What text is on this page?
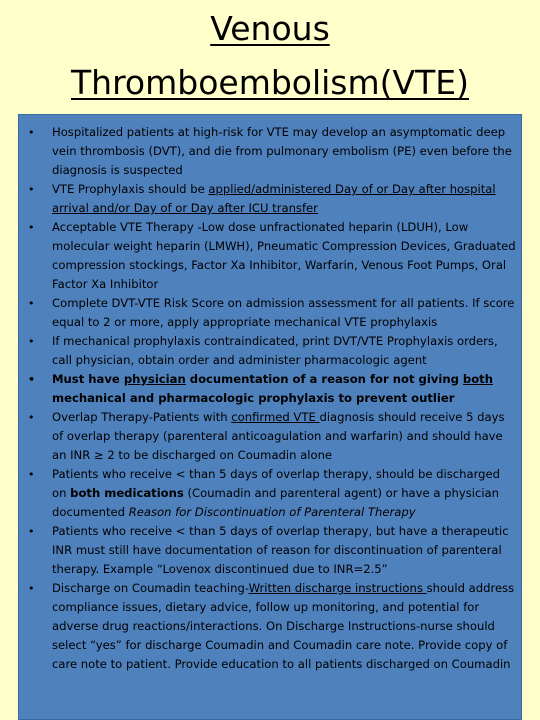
Venous
Thromboembolism(VTE)
• Hospitalized patients at high-risk for VTE may develop an asymptomatic deep vein thrombosis (DVT), and die from pulmonary embolism (PE) even before the diagnosis is suspected
• VTE Prophylaxis should be applied/administered Day of or Day after hospital arrival and/or Day of or Day after ICU transfer
• Acceptable VTE Therapy -Low dose unfractionated heparin (LDUH), Low molecular weight heparin (LMWH), Pneumatic Compression Devices, Graduated compression stockings, Factor Xa Inhibitor, Warfarin, Venous Foot Pumps, Oral Factor Xa Inhibitor
• Complete DVT-VTE Risk Score on admission assessment for all patients. If score equal to 2 or more, apply appropriate mechanical VTE prophylaxis
• If mechanical prophylaxis contraindicated, print DVT/VTE Prophylaxis orders, call physician, obtain order and administer pharmacologic agent
• Must have physician documentation of a reason for not giving both mechanical and pharmacologic prophylaxis to prevent outlier
• Overlap Therapy-Patients with confirmed VTE diagnosis should receive 5 days of overlap therapy (parenteral anticoagulation and warfarin) and should have an INR ≥ 2 to be discharged on Coumadin alone
• Patients who receive < than 5 days of overlap therapy, should be discharged on both medications (Coumadin and parenteral agent) or have a physician documented Reason for Discontinuation of Parenteral Therapy
• Patients who receive < than 5 days of overlap therapy, but have a therapeutic INR must still have documentation of reason for discontinuation of parenteral therapy. Example “Lovenox discontinued due to INR=2.5”
• Discharge on Coumadin teaching-Written discharge instructions should address compliance issues, dietary advice, follow up monitoring, and potential for adverse drug reactions/interactions. On Discharge Instructions-nurse should select “yes” for discharge Coumadin and Coumadin care note. Provide copy of care note to patient. Provide education to all patients discharged on Coumadin
